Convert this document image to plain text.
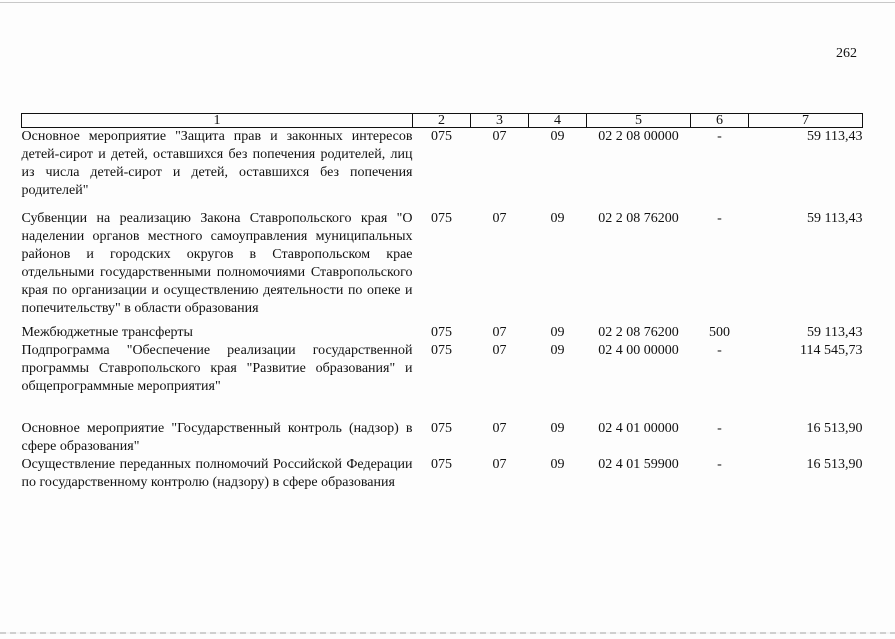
262
1	2	3	4	5	6	7
Основное мероприятие "Защита прав и законных интересов детей-сирот и детей, оставшихся без попечения родителей, лиц из числа детей-сирот и детей, оставшихся без попечения родителей"	075	07	09	02 2 08 00000	-	59 113,43

Субвенции на реализацию Закона Ставропольского края "О наделении органов местного самоуправления муниципальных районов и городских округов в Ставропольском крае отдельными государственными полномочиями Ставропольского края по организации и осуществлению деятельности по опеке и попечительству" в области образования	075	07	09	02 2 08 76200	-	59 113,43

Межбюджетные трансферты	075	07	09	02 2 08 76200	500	59 113,43
Подпрограмма "Обеспечение реализации государственной программы Ставропольского края "Развитие образования" и общепрограммные мероприятия"	075	07	09	02 4 00 00000	-	114 545,73

Основное мероприятие "Государственный контроль (надзор) в сфере образования"	075	07	09	02 4 01 00000	-	16 513,90
Осуществление переданных полномочий Российской Федерации по государственному контролю (надзору) в сфере образования	075	07	09	02 4 01 59900	-	16 513,90
